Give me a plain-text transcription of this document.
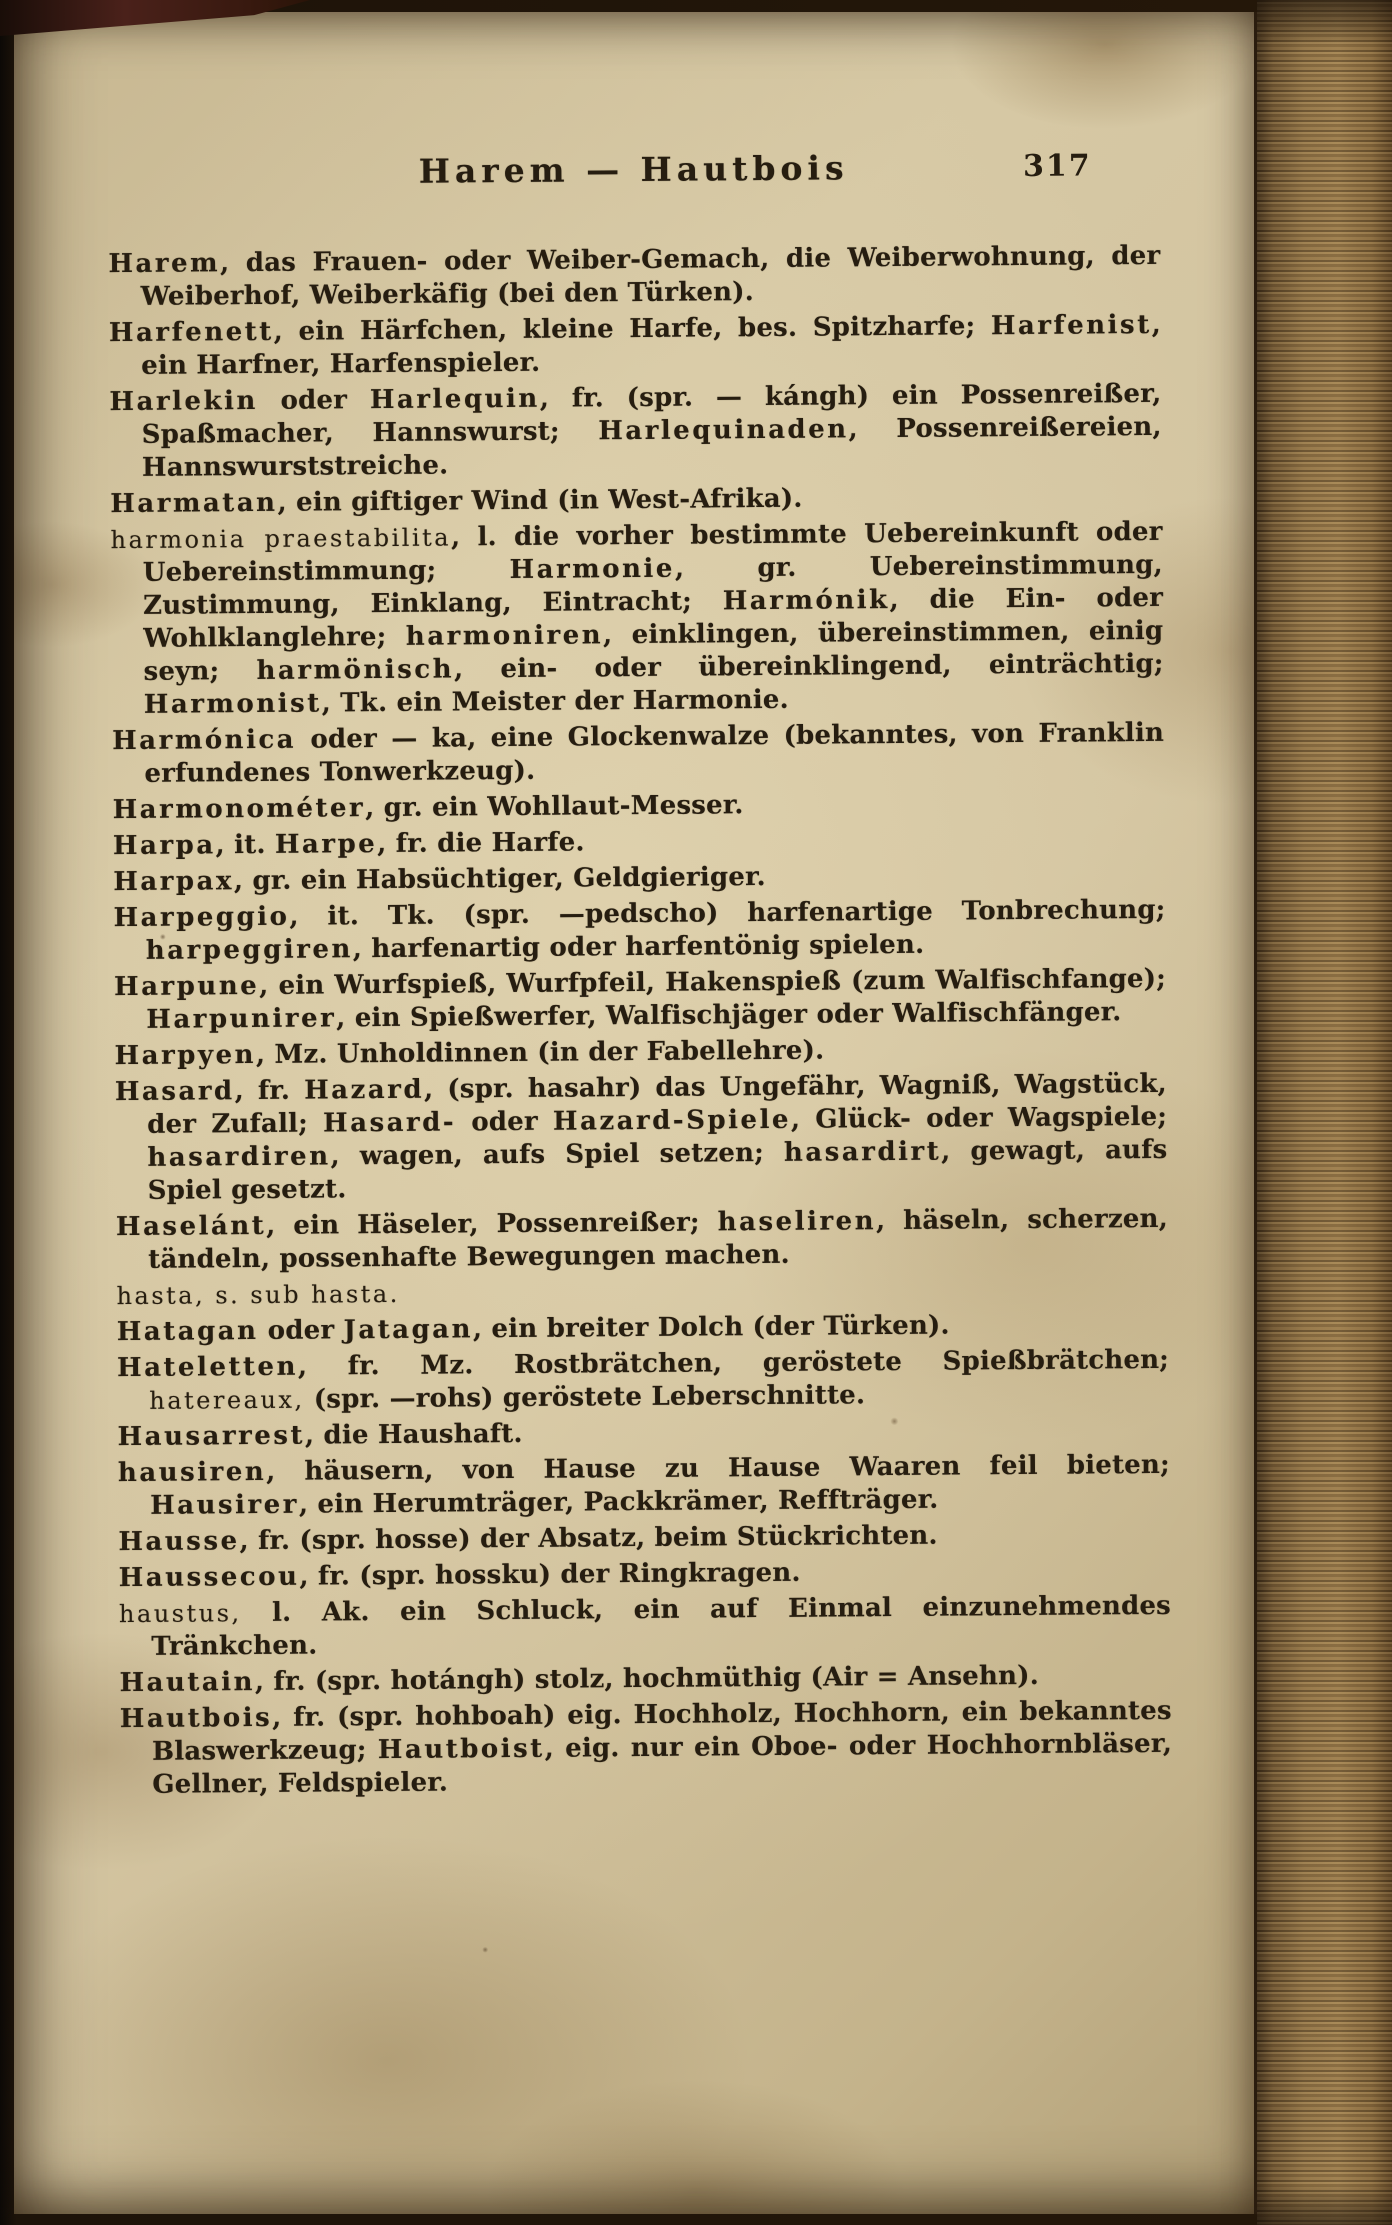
Harem — Hautbois	317

Harem, das Frauen- oder Weiber-Gemach, die Weiberwohnung, der Weiberhof, Weiberkäfig (bei den Türken).

Harfenett, ein Härfchen, kleine Harfe, bes. Spitzharfe; Harfenist, ein Harfner, Harfenspieler.

Harlekin oder Harlequin, fr. (spr. — kángh) ein Possenreißer, Spaßmacher, Hannswurst; Harlequinaden, Possenreißereien, Hannswurststreiche.

Harmatan, ein giftiger Wind (in West-Afrika).

harmonia praestabilita, l. die vorher bestimmte Uebereinkunft oder Uebereinstimmung; Harmonie, gr. Uebereinstimmung, Zustimmung, Einklang, Eintracht; Harmónik, die Ein- oder Wohlklanglehre; harmoniren, einklingen, übereinstimmen, einig seyn; harmönisch, ein- oder übereinklingend, einträchtig; Harmonist, Tk. ein Meister der Harmonie.

Harmónica oder — ka, eine Glockenwalze (bekanntes, von Franklin erfundenes Tonwerkzeug).

Harmonométer, gr. ein Wohllaut-Messer.

Harpa, it. Harpe, fr. die Harfe.

Harpax, gr. ein Habsüchtiger, Geldgieriger.

Harpeggio, it. Tk. (spr. —pedscho) harfenartige Tonbrechung; harpeggiren, harfenartig oder harfentönig spielen.

Harpune, ein Wurfspieß, Wurfpfeil, Hakenspieß (zum Walfischfange); Harpunirer, ein Spießwerfer, Walfischjäger oder Walfischfänger.

Harpyen, Mz. Unholdinnen (in der Fabellehre).

Hasard, fr. Hazard, (spr. hasahr) das Ungefähr, Wagniß, Wagstück, der Zufall; Hasard- oder Hazard-Spiele, Glück- oder Wagspiele; hasardiren, wagen, aufs Spiel setzen; hasardirt, gewagt, aufs Spiel gesetzt.

Haselánt, ein Häseler, Possenreißer; haseliren, häseln, scherzen, tändeln, possenhafte Bewegungen machen.

hasta, s. sub hasta.

Hatagan oder Jatagan, ein breiter Dolch (der Türken).

Hateletten, fr. Mz. Rostbrätchen, geröstete Spießbrätchen; hatereaux, (spr. —rohs) geröstete Leberschnitte.

Hausarrest, die Haushaft.

hausiren, häusern, von Hause zu Hause Waaren feil bieten; Hausirer, ein Herumträger, Packkrämer, Reffträger.

Hausse, fr. (spr. hosse) der Absatz, beim Stückrichten.

Haussecou, fr. (spr. hossku) der Ringkragen.

haustus, l. Ak. ein Schluck, ein auf Einmal einzunehmendes Tränkchen.

Hautain, fr. (spr. hotángh) stolz, hochmüthig (Air = Ansehn).

Hautbois, fr. (spr. hohboah) eig. Hochholz, Hochhorn, ein bekanntes Blaswerkzeug; Hautboist, eig. nur ein Oboe- oder Hochhornbläser, Gellner, Feldspieler.
